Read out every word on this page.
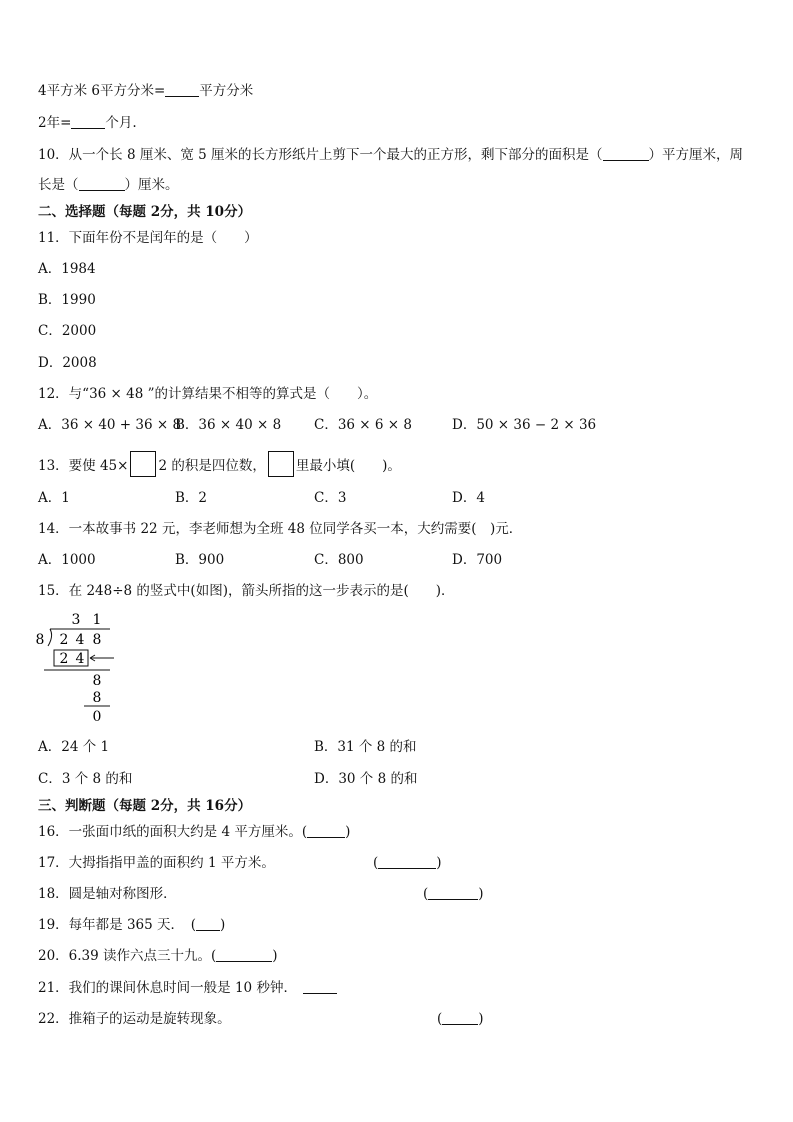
4平方米 6平方分米=	平方分米
2年=	个月.
10．从一个长 8 厘米、宽 5 厘米的长方形纸片上剪下一个最大的正方形，剩下部分的面积是（	）平方厘米，周
长是（	）厘米。
二、选择题（每题 2分，共 10分）
11．下面年份不是闰年的是（　　）
A．1984
B．1990
C．2000
D．2008
12．与“36 × 48 ”的计算结果不相等的算式是（　　）。
A．36 × 40 + 36 × 8
B．36 × 40 × 8 C．36 × 6 × 8	D．50 × 36 − 2 × 36
13．要使 45× 2 的积是四位数， 里最小填(　　)。
A．1	B．2	C．3	D．4
14．一本故事书 22 元，李老师想为全班 48 位同学各买一本，大约需要(　)元．
A．1000	B．900	C．800	D．700
15．在 248÷8 的竖式中(如图)，箭头所指的这一步表示的是(　　)．
3 1
8 2 4 8
2 4
8
8
0
A．24 个 1	B．31 个 8 的和
C．3 个 8 的和	D．30 个 8 的和
三、判断题（每题 2分，共 16分）
16．一张面巾纸的面积大约是 4 平方厘米。(	)
17．大拇指指甲盖的面积约 1 平方米。	(	)
18．圆是轴对称图形．	(	)
19．每年都是 365 天．　( )
20．6.39 读作六点三十九。(	)
21．我们的课间休息时间一般是 10 秒钟．
22．推箱子的运动是旋转现象。	(	)
